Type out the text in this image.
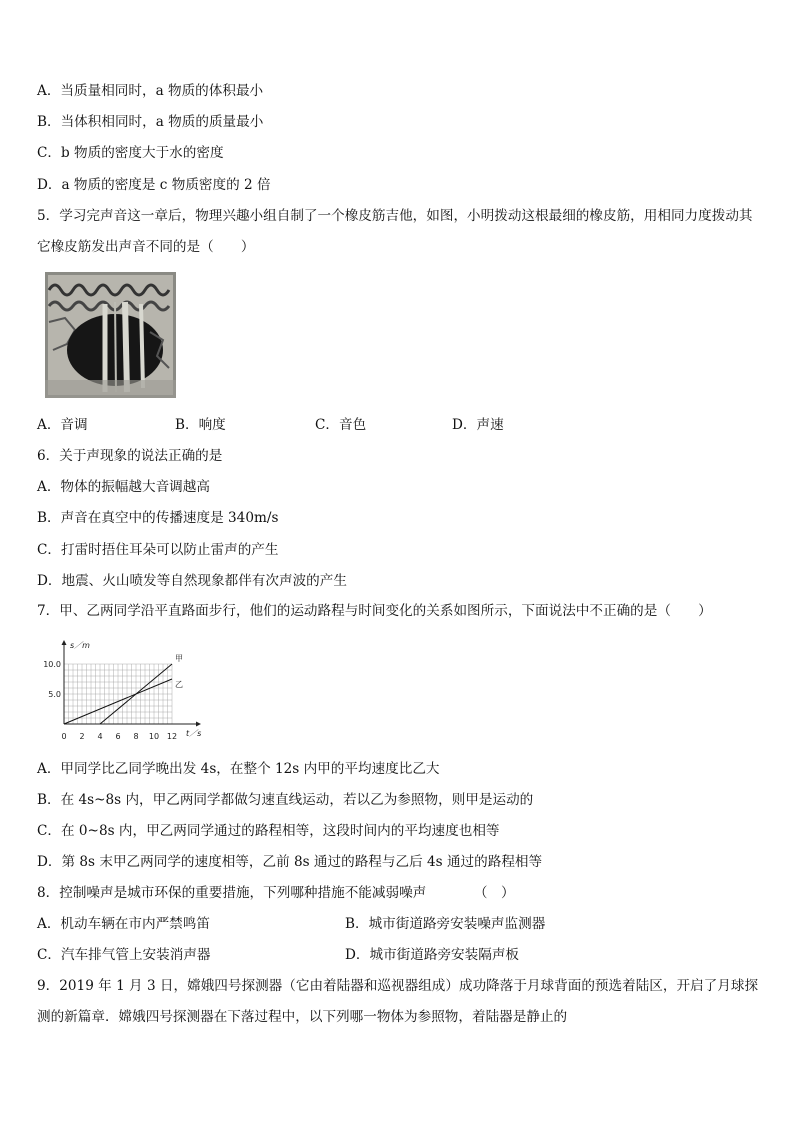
A．当质量相同时，a 物质的体积最小
B．当体积相同时，a 物质的质量最小
C．b 物质的密度大于水的密度
D．a 物质的密度是 c 物质密度的 2 倍
5．学习完声音这一章后，物理兴趣小组自制了一个橡皮筋吉他，如图，小明拨动这根最细的橡皮筋，用相同力度拨动其它橡皮筋发出声音不同的是（　　）
A．音调	B．响度	C．音色	D．声速
6．关于声现象的说法正确的是
A．物体的振幅越大音调越高
B．声音在真空中的传播速度是 340m/s
C．打雷时捂住耳朵可以防止雷声的产生
D．地震、火山喷发等自然现象都伴有次声波的产生
7．甲、乙两同学沿平直路面步行，他们的运动路程与时间变化的关系如图所示，下面说法中不正确的是（　　）
0 2 4 6 8 10 12
5.0
10.0
s／m
t／s
甲
乙
A．甲同学比乙同学晚出发 4s，在整个 12s 内甲的平均速度比乙大
B．在 4s~8s 内，甲乙两同学都做匀速直线运动，若以乙为参照物，则甲是运动的
C．在 0~8s 内，甲乙两同学通过的路程相等，这段时间内的平均速度也相等
D．第 8s 末甲乙两同学的速度相等，乙前 8s 通过的路程与乙后 4s 通过的路程相等
8．控制噪声是城市环保的重要措施，下列哪种措施不能减弱噪声　　　　（　）
A．机动车辆在市内严禁鸣笛	B．城市街道路旁安装噪声监测器
C．汽车排气管上安装消声器	D．城市街道路旁安装隔声板
9．2019 年 1 月 3 日，嫦娥四号探测器（它由着陆器和巡视器组成）成功降落于月球背面的预选着陆区，开启了月球探测的新篇章．嫦娥四号探测器在下落过程中，以下列哪一物体为参照物，着陆器是静止的
